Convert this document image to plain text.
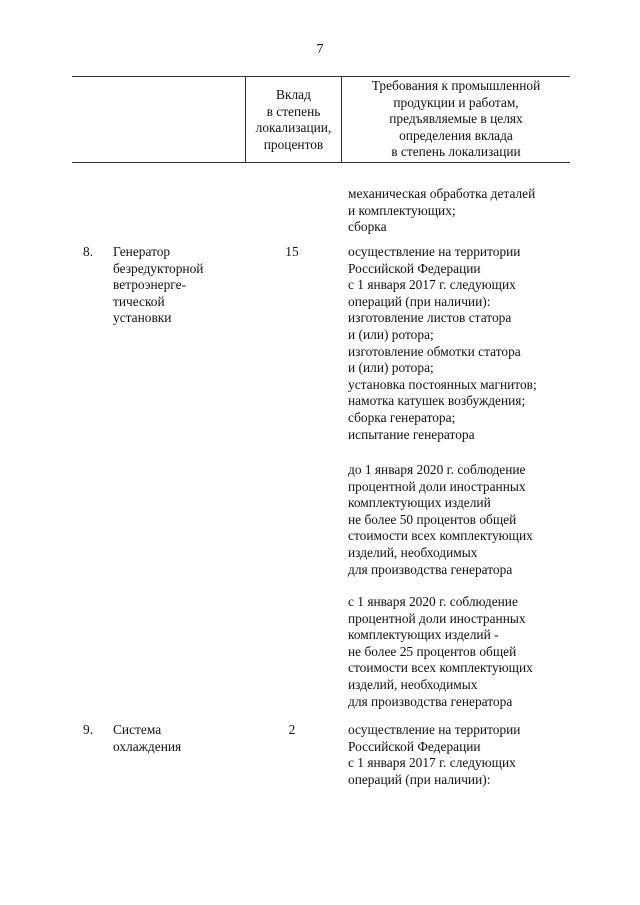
7
Вклад
в степень
локализации,
процентов
Требования к промышленной
продукции и работам,
предъявляемые в целях
определения вклада
в степень локализации
механическая обработка деталей
и комплектующих;
сборка
8. Генератор
безредукторной
ветроэнерге-
тической
установки
15	осуществление на территории
Российской Федерации
с 1 января 2017 г. следующих
операций (при наличии):
изготовление листов статора
и (или) ротора;
изготовление обмотки статора
и (или) ротора;
установка постоянных магнитов;
намотка катушек возбуждения;
сборка генератора;
испытание генератора
до 1 января 2020 г. соблюдение
процентной доли иностранных
комплектующих изделий
не более 50 процентов общей
стоимости всех комплектующих
изделий, необходимых
для производства генератора
с 1 января 2020 г. соблюдение
процентной доли иностранных
комплектующих изделий -
не более 25 процентов общей
стоимости всех комплектующих
изделий, необходимых
для производства генератора
9. Система
охлаждения
2	осуществление на территории
Российской Федерации
с 1 января 2017 г. следующих
операций (при наличии):
